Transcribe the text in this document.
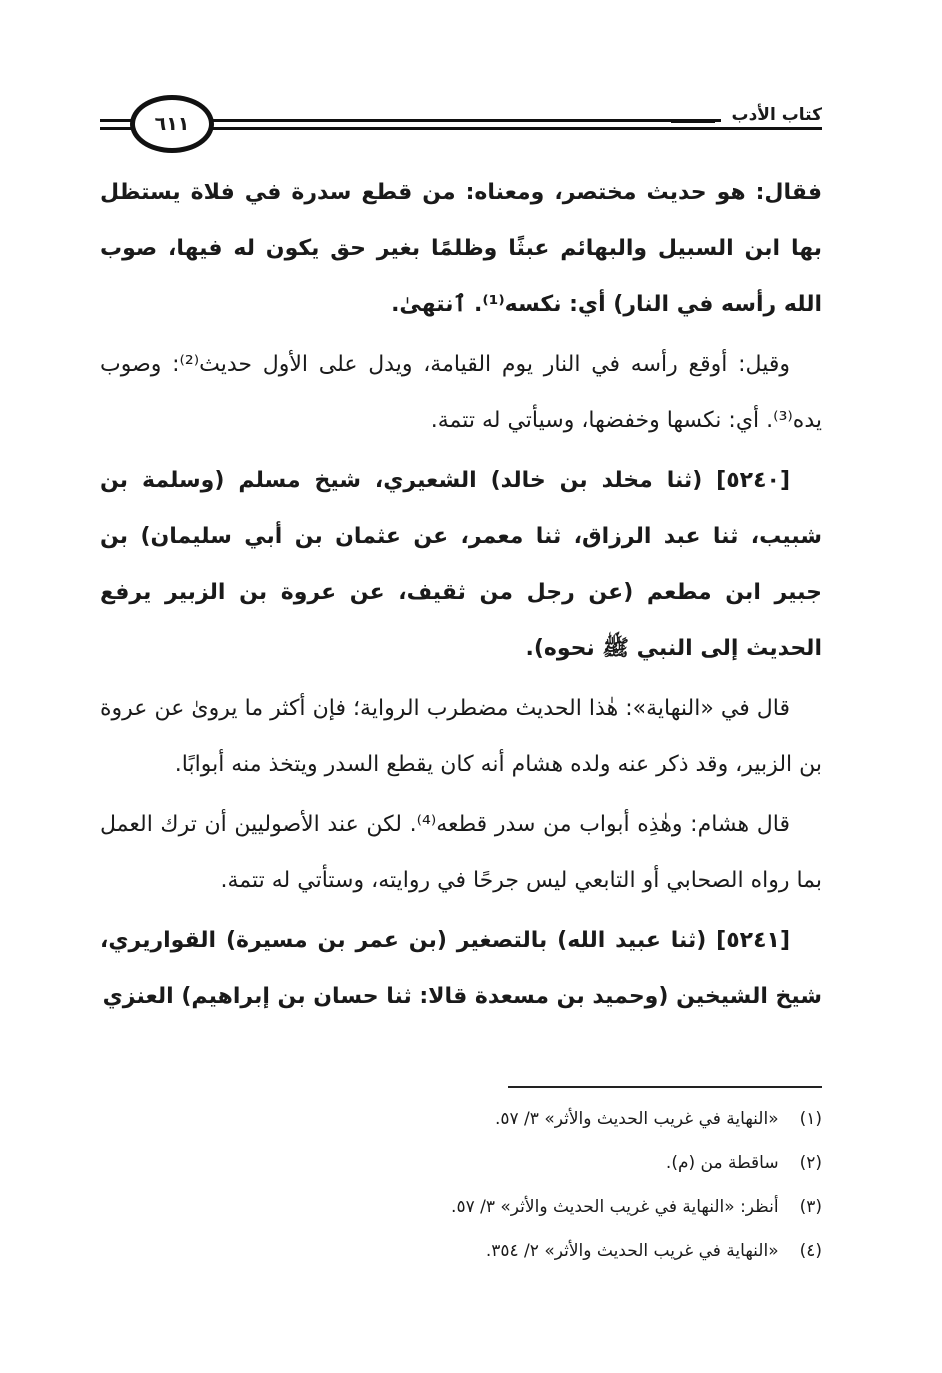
كتاب الأدب
٦١١

فقال: هو حديث مختصر، ومعناه: من قطع سدرة في فلاة يستظل بها ابن السبيل والبهائم عبثًا وظلمًا بغير حق يكون له فيها، صوب الله رأسه في النار) أي: نكسه⁽¹⁾. ٱنتهىٰ.

وقيل: أوقع رأسه في النار يوم القيامة، ويدل على الأول حديث⁽²⁾: وصوب يده⁽³⁾. أي: نكسها وخفضها، وسيأتي له تتمة.

[٥٢٤٠] (ثنا مخلد بن خالد) الشعيري، شيخ مسلم (وسلمة بن شبيب، ثنا عبد الرزاق، ثنا معمر، عن عثمان بن أبي سليمان) بن جبير ابن مطعم (عن رجل من ثقيف، عن عروة بن الزبير يرفع الحديث إلى النبي ﷺ نحوه).

قال في «النهاية»: هٰذا الحديث مضطرب الرواية؛ فإن أكثر ما يروىٰ عن عروة بن الزبير، وقد ذكر عنه ولده هشام أنه كان يقطع السدر ويتخذ منه أبوابًا.

قال هشام: وهٰذِه أبواب من سدر قطعه⁽⁴⁾. لكن عند الأصوليين أن ترك العمل بما رواه الصحابي أو التابعي ليس جرحًا في روايته، وستأتي له تتمة.

[٥٢٤١] (ثنا عبيد الله) بالتصغير (بن عمر بن مسيرة) القواريري، شيخ الشيخين (وحميد بن مسعدة قالا: ثنا حسان بن إبراهيم) العنزي

(١) «النهاية في غريب الحديث والأثر» ٣/ ٥٧.
(٢) ساقطة من (م).
(٣) أنظر: «النهاية في غريب الحديث والأثر» ٣/ ٥٧.
(٤) «النهاية في غريب الحديث والأثر» ٢/ ٣٥٤.
